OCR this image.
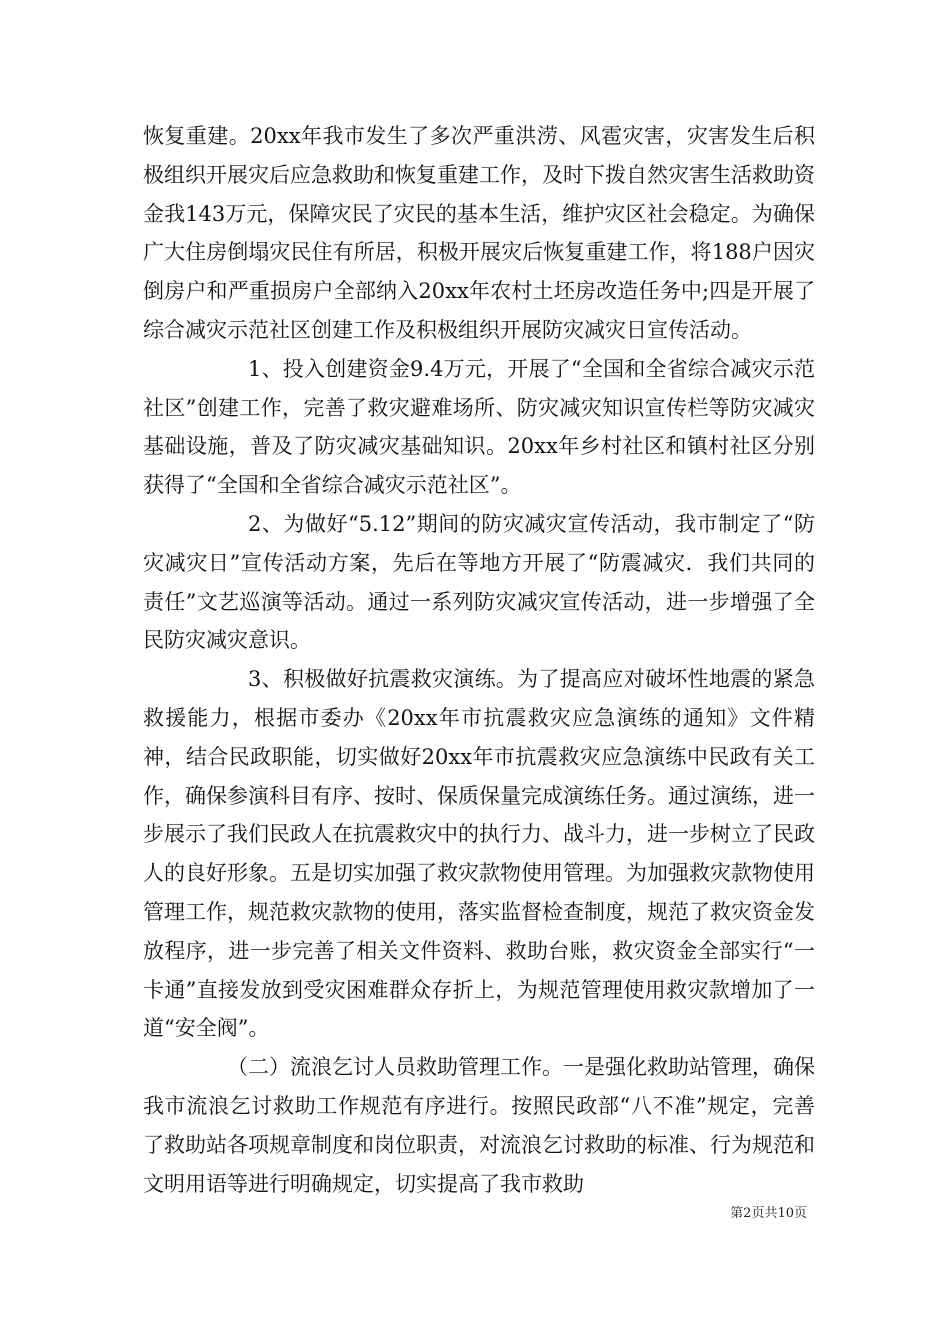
恢复重建。20xx年我市发生了多次严重洪涝、风雹灾害，灾害发生后积极组织开展灾后应急救助和恢复重建工作，及时下拨自然灾害生活救助资金我143万元，保障灾民了灾民的基本生活，维护灾区社会稳定。为确保广大住房倒塌灾民住有所居，积极开展灾后恢复重建工作，将188户因灾倒房户和严重损房户全部纳入20xx年农村土坯房改造任务中;四是开展了综合减灾示范社区创建工作及积极组织开展防灾减灾日宣传活动。

1、投入创建资金9.4万元，开展了“全国和全省综合减灾示范社区”创建工作，完善了救灾避难场所、防灾减灾知识宣传栏等防灾减灾基础设施，普及了防灾减灾基础知识。20xx年乡村社区和镇村社区分别获得了“全国和全省综合减灾示范社区”。

2、为做好“5.12”期间的防灾减灾宣传活动，我市制定了“防灾减灾日”宣传活动方案，先后在等地方开展了“防震减灾．我们共同的责任”文艺巡演等活动。通过一系列防灾减灾宣传活动，进一步增强了全民防灾减灾意识。

3、积极做好抗震救灾演练。为了提高应对破坏性地震的紧急救援能力，根据市委办《20xx年市抗震救灾应急演练的通知》文件精神，结合民政职能，切实做好20xx年市抗震救灾应急演练中民政有关工作，确保参演科目有序、按时、保质保量完成演练任务。通过演练，进一步展示了我们民政人在抗震救灾中的执行力、战斗力，进一步树立了民政人的良好形象。五是切实加强了救灾款物使用管理。为加强救灾款物使用管理工作，规范救灾款物的使用，落实监督检查制度，规范了救灾资金发放程序，进一步完善了相关文件资料、救助台账，救灾资金全部实行“一卡通”直接发放到受灾困难群众存折上，为规范管理使用救灾款增加了一道“安全阀”。

（二）流浪乞讨人员救助管理工作。一是强化救助站管理，确保我市流浪乞讨救助工作规范有序进行。按照民政部“八不准”规定，完善了救助站各项规章制度和岗位职责，对流浪乞讨救助的标准、行为规范和文明用语等进行明确规定，切实提高了我市救助

第2页共10页
